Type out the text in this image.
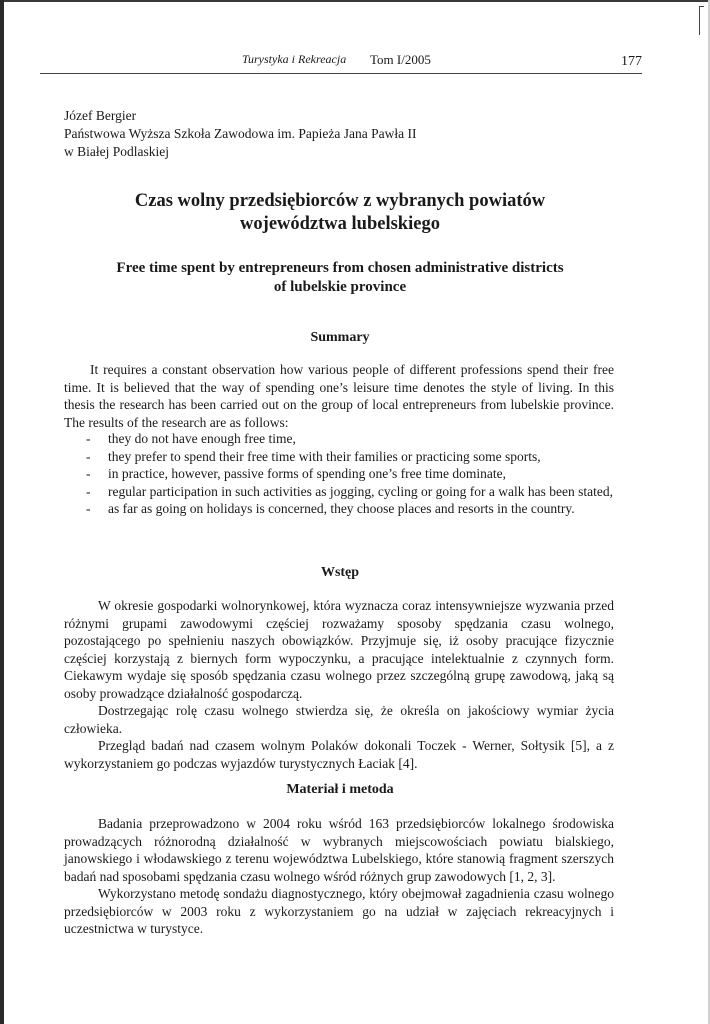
Turystyka i Rekreacja Tom I/2005	177
Józef Bergier
Państwowa Wyższa Szkoła Zawodowa im. Papieża Jana Pawła II
w Białej Podlaskiej
Czas wolny przedsiębiorców z wybranych powiatów
województwa lubelskiego
Free time spent by entrepreneurs from chosen administrative districts
of lubelskie province
Summary

It requires a constant observation how various people of different professions spend their free time. It is believed that the way of spending one’s leisure time denotes the style of living. In this thesis the research has been carried out on the group of local entrepreneurs from lubelskie province. The results of the research are as follows:

- they do not have enough free time,
- they prefer to spend their free time with their families or practicing some sports,
- in practice, however, passive forms of spending one’s free time dominate,
- regular participation in such activities as jogging, cycling or going for a walk has been stated,
- as far as going on holidays is concerned, they choose places and resorts in the country.
Wstęp

W okresie gospodarki wolnorynkowej, która wyznacza coraz intensywniejsze wyzwania przed różnymi grupami zawodowymi częściej rozważamy sposoby spędzania czasu wolnego, pozostającego po spełnieniu naszych obowiązków. Przyjmuje się, iż osoby pracujące fizycznie częściej korzystają z biernych form wypoczynku, a pracujące intelektualnie z czynnych form. Ciekawym wydaje się sposób spędzania czasu wolnego przez szczególną grupę zawodową, jaką są osoby prowadzące działalność gospodarczą.

Dostrzegając rolę czasu wolnego stwierdza się, że określa on jakościowy wymiar życia człowieka.

Przegląd badań nad czasem wolnym Polaków dokonali Toczek - Werner, Sołtysik [5], a z wykorzystaniem go podczas wyjazdów turystycznych Łaciak [4].

Materiał i metoda

Badania przeprowadzono w 2004 roku wśród 163 przedsiębiorców lokalnego środowiska prowadzących różnorodną działalność w wybranych miejscowościach powiatu bialskiego, janowskiego i włodawskiego z terenu województwa Lubelskiego, które stanowią fragment szerszych badań nad sposobami spędzania czasu wolnego wśród różnych grup zawodowych [1, 2, 3].

Wykorzystano metodę sondażu diagnostycznego, który obejmował zagadnienia czasu wolnego przedsiębiorców w 2003 roku z wykorzystaniem go na udział w zajęciach rekreacyjnych i uczestnictwa w turystyce.
